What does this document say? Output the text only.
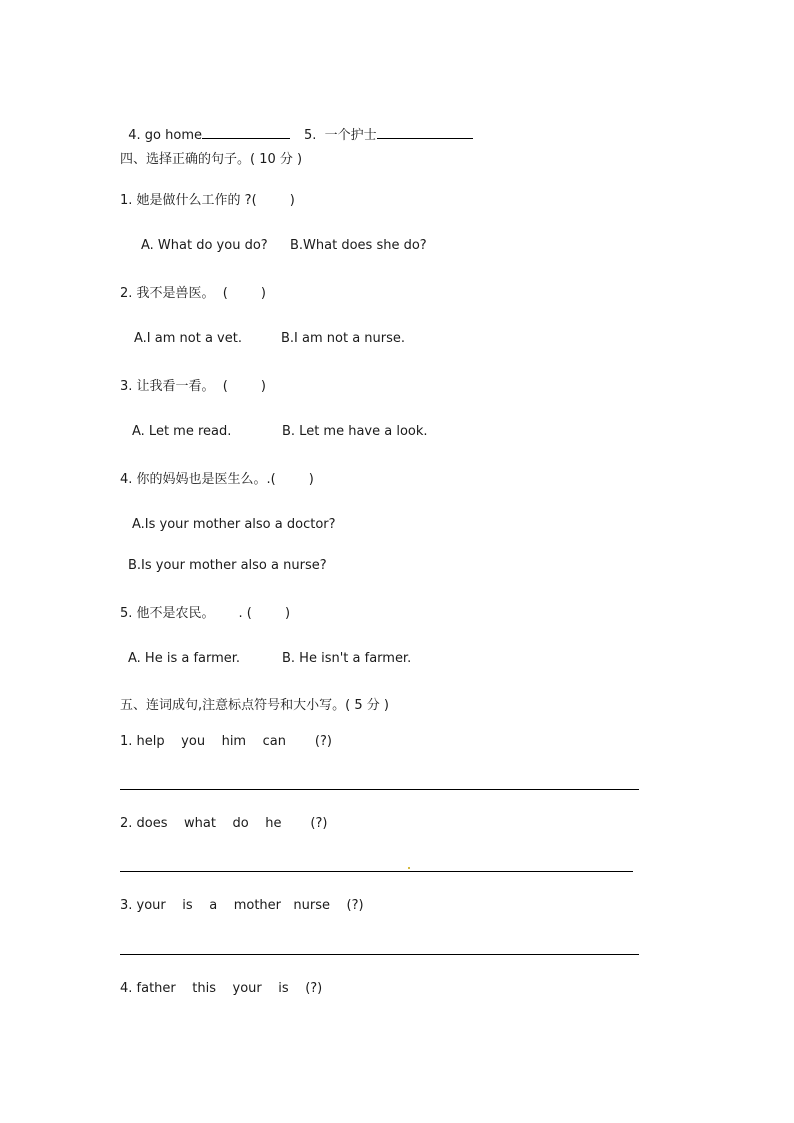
4. go home	5.  一个护士

四、选择正确的句子。( 10 分 )
1. 她是做什么工作的 ?(        )
A. What do you do? B.What does she do?
2. 我不是兽医。  (        )
A.I am not a vet.	B.I am not a nurse.
3. 让我看一看。  (        )
A. Let me read.	B. Let me have a look.
4. 你的妈妈也是医生么。.(        )
A.Is your mother also a doctor?
B.Is your mother also a nurse?
5. 他不是农民。 . (        )
A. He is a farmer.	B. He isn't a farmer.
五、连词成句,注意标点符号和大小写。( 5 分 )
1. help    you    him    can       (?)
2. does    what    do    he       (?)
3. your    is    a    mother   nurse    (?)
4. father    this    your    is    (?)
